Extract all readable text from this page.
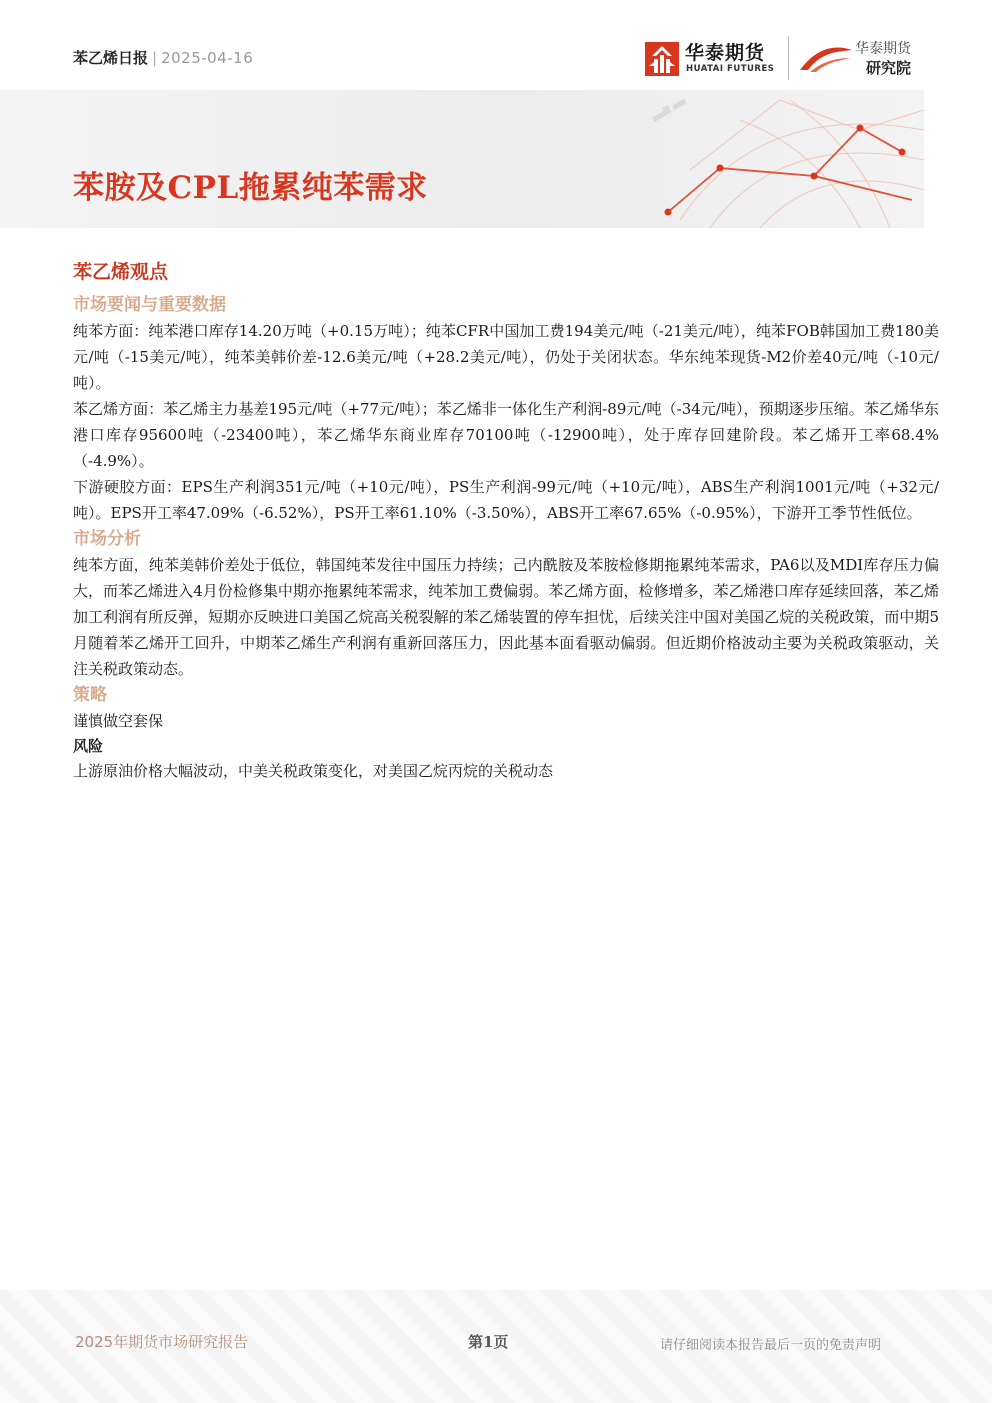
苯乙烯日报 | 2025-04-16	华泰期货
HUATAI FUTURES
华泰期货
研究院
苯胺及CPL拖累纯苯需求
苯乙烯观点
市场要闻与重要数据

纯苯方面：纯苯港口库存14.20万吨（+0.15万吨）；纯苯CFR中国加工费194美元/吨（-21美元/吨），纯苯FOB韩国加工费180美元/吨（-15美元/吨），纯苯美韩价差-12.6美元/吨（+28.2美元/吨），仍处于关闭状态。华东纯苯现货-M2价差40元/吨（-10元/吨）。

苯乙烯方面：苯乙烯主力基差195元/吨（+77元/吨）；苯乙烯非一体化生产利润-89元/吨（-34元/吨），预期逐步压缩。苯乙烯华东港口库存95600吨（-23400吨），苯乙烯华东商业库存70100吨（-12900吨），处于库存回建阶段。苯乙烯开工率68.4%（-4.9%）。

下游硬胶方面：EPS生产利润351元/吨（+10元/吨），PS生产利润-99元/吨（+10元/吨），ABS生产利润1001元/吨（+32元/吨）。EPS开工率47.09%（-6.52%），PS开工率61.10%（-3.50%），ABS开工率67.65%（-0.95%），下游开工季节性低位。

市场分析

纯苯方面，纯苯美韩价差处于低位，韩国纯苯发往中国压力持续；己内酰胺及苯胺检修期拖累纯苯需求，PA6以及MDI库存压力偏大，而苯乙烯进入4月份检修集中期亦拖累纯苯需求，纯苯加工费偏弱。苯乙烯方面，检修增多，苯乙烯港口库存延续回落，苯乙烯加工利润有所反弹，短期亦反映进口美国乙烷高关税裂解的苯乙烯装置的停车担忧，后续关注中国对美国乙烷的关税政策，而中期5月随着苯乙烯开工回升，中期苯乙烯生产利润有重新回落压力，因此基本面看驱动偏弱。但近期价格波动主要为关税政策驱动，关注关税政策动态。

策略

谨慎做空套保

风险

上游原油价格大幅波动，中美关税政策变化，对美国乙烷丙烷的关税动态

2025年期货市场研究报告	第1页	请仔细阅读本报告最后一页的免责声明
